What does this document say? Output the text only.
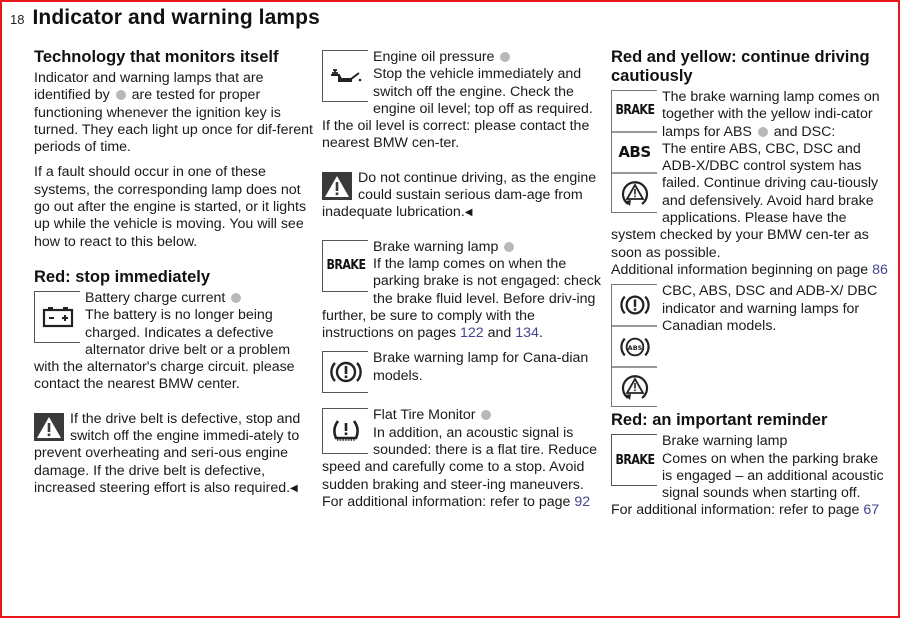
18 Indicator and warning lamps
Technology that monitors itself

Indicator and warning lamps that are identified by are tested for proper functioning whenever the ignition key is turned. They each light up once for dif-ferent periods of time.

If a fault should occur in one of these systems, the corresponding lamp does not go out after the engine is started, or it lights up while the vehicle is moving. You will see how to react to this below.

Red: stop immediately

Battery charge current
The battery is no longer being charged. Indicates a defective alternator drive belt or a problem with the alternator's charge circuit. please contact the nearest BMW center.

If the drive belt is defective, stop and switch off the engine immedi-ately to prevent overheating and seri-ous engine damage. If the drive belt is defective, increased steering effort is also required.◀

Engine oil pressure
Stop the vehicle immediately and switch off the engine. Check the engine oil level; top off as required. If the oil level is correct: please contact the nearest BMW cen-ter.

Do not continue driving, as the engine could sustain serious dam-age from inadequate lubrication.◀

BRAKE

Brake warning lamp
If the lamp comes on when the parking brake is not engaged: check the brake fluid level. Before driv-ing further, be sure to comply with the instructions on pages 122 and 134.

Brake warning lamp for Cana-dian models.

Flat Tire Monitor
In addition, an acoustic signal is sounded: there is a flat tire. Reduce speed and carefully come to a stop. Avoid sudden braking and steer-ing maneuvers.
For additional information: refer to page 92

Red and yellow: continue driving cautiously
BRAKE
ABS

The brake warning lamp comes on together with the yellow indi-cator lamps for ABS and DSC:
The entire ABS, CBC, DSC and ADB-X/DBC control system has failed. Continue driving cau-tiously and defensively. Avoid hard brake applications. Please have the system checked by your BMW cen-ter as soon as possible.
Additional information beginning on page 86

ABS

CBC, ABS, DSC and ADB-X/ DBC indicator and warning lamps for Canadian models.

Red: an important reminder
BRAKE

Brake warning lamp
Comes on when the parking brake is engaged – an additional acoustic signal sounds when starting off.
For additional information: refer to page 67
